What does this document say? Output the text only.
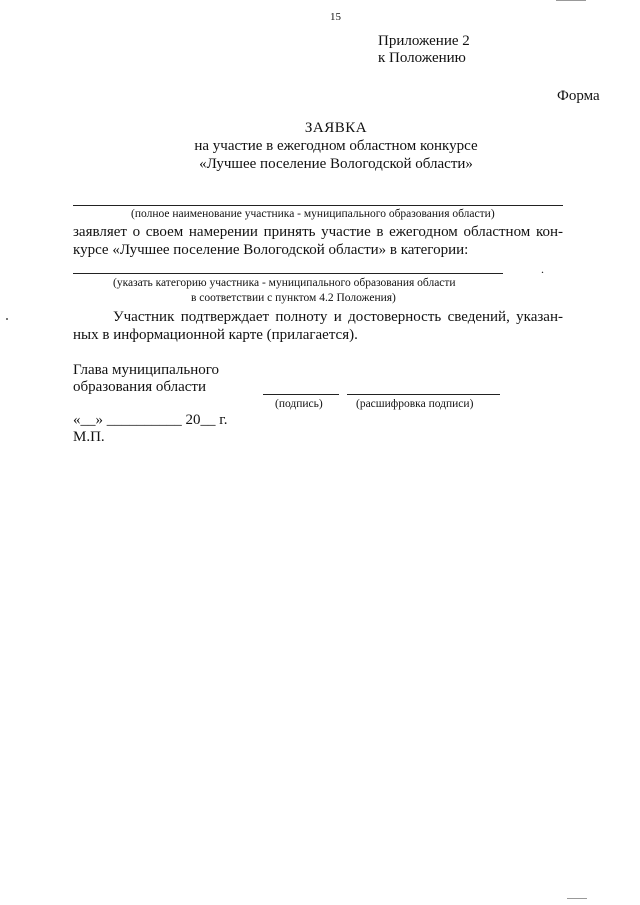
15
Приложение 2
к Положению
Форма
ЗАЯВКА
на участие в ежегодном областном конкурсе
«Лучшее поселение Вологодской области»
(полное наименование участника - муниципального образования области)
заявляет о своем намерении принять участие в ежегодном областном кон-
курсе «Лучшее поселение Вологодской области» в категории:
.
(указать категорию участника - муниципального образования области
в соответствии с пунктом 4.2 Положения)
Участник подтверждает полноту и достоверность сведений, указан-
ных в информационной карте (прилагается).
Глава муниципального
образования области
(подпись)	(расшифровка подписи)
«__» __________ 20__ г.
М.П.
